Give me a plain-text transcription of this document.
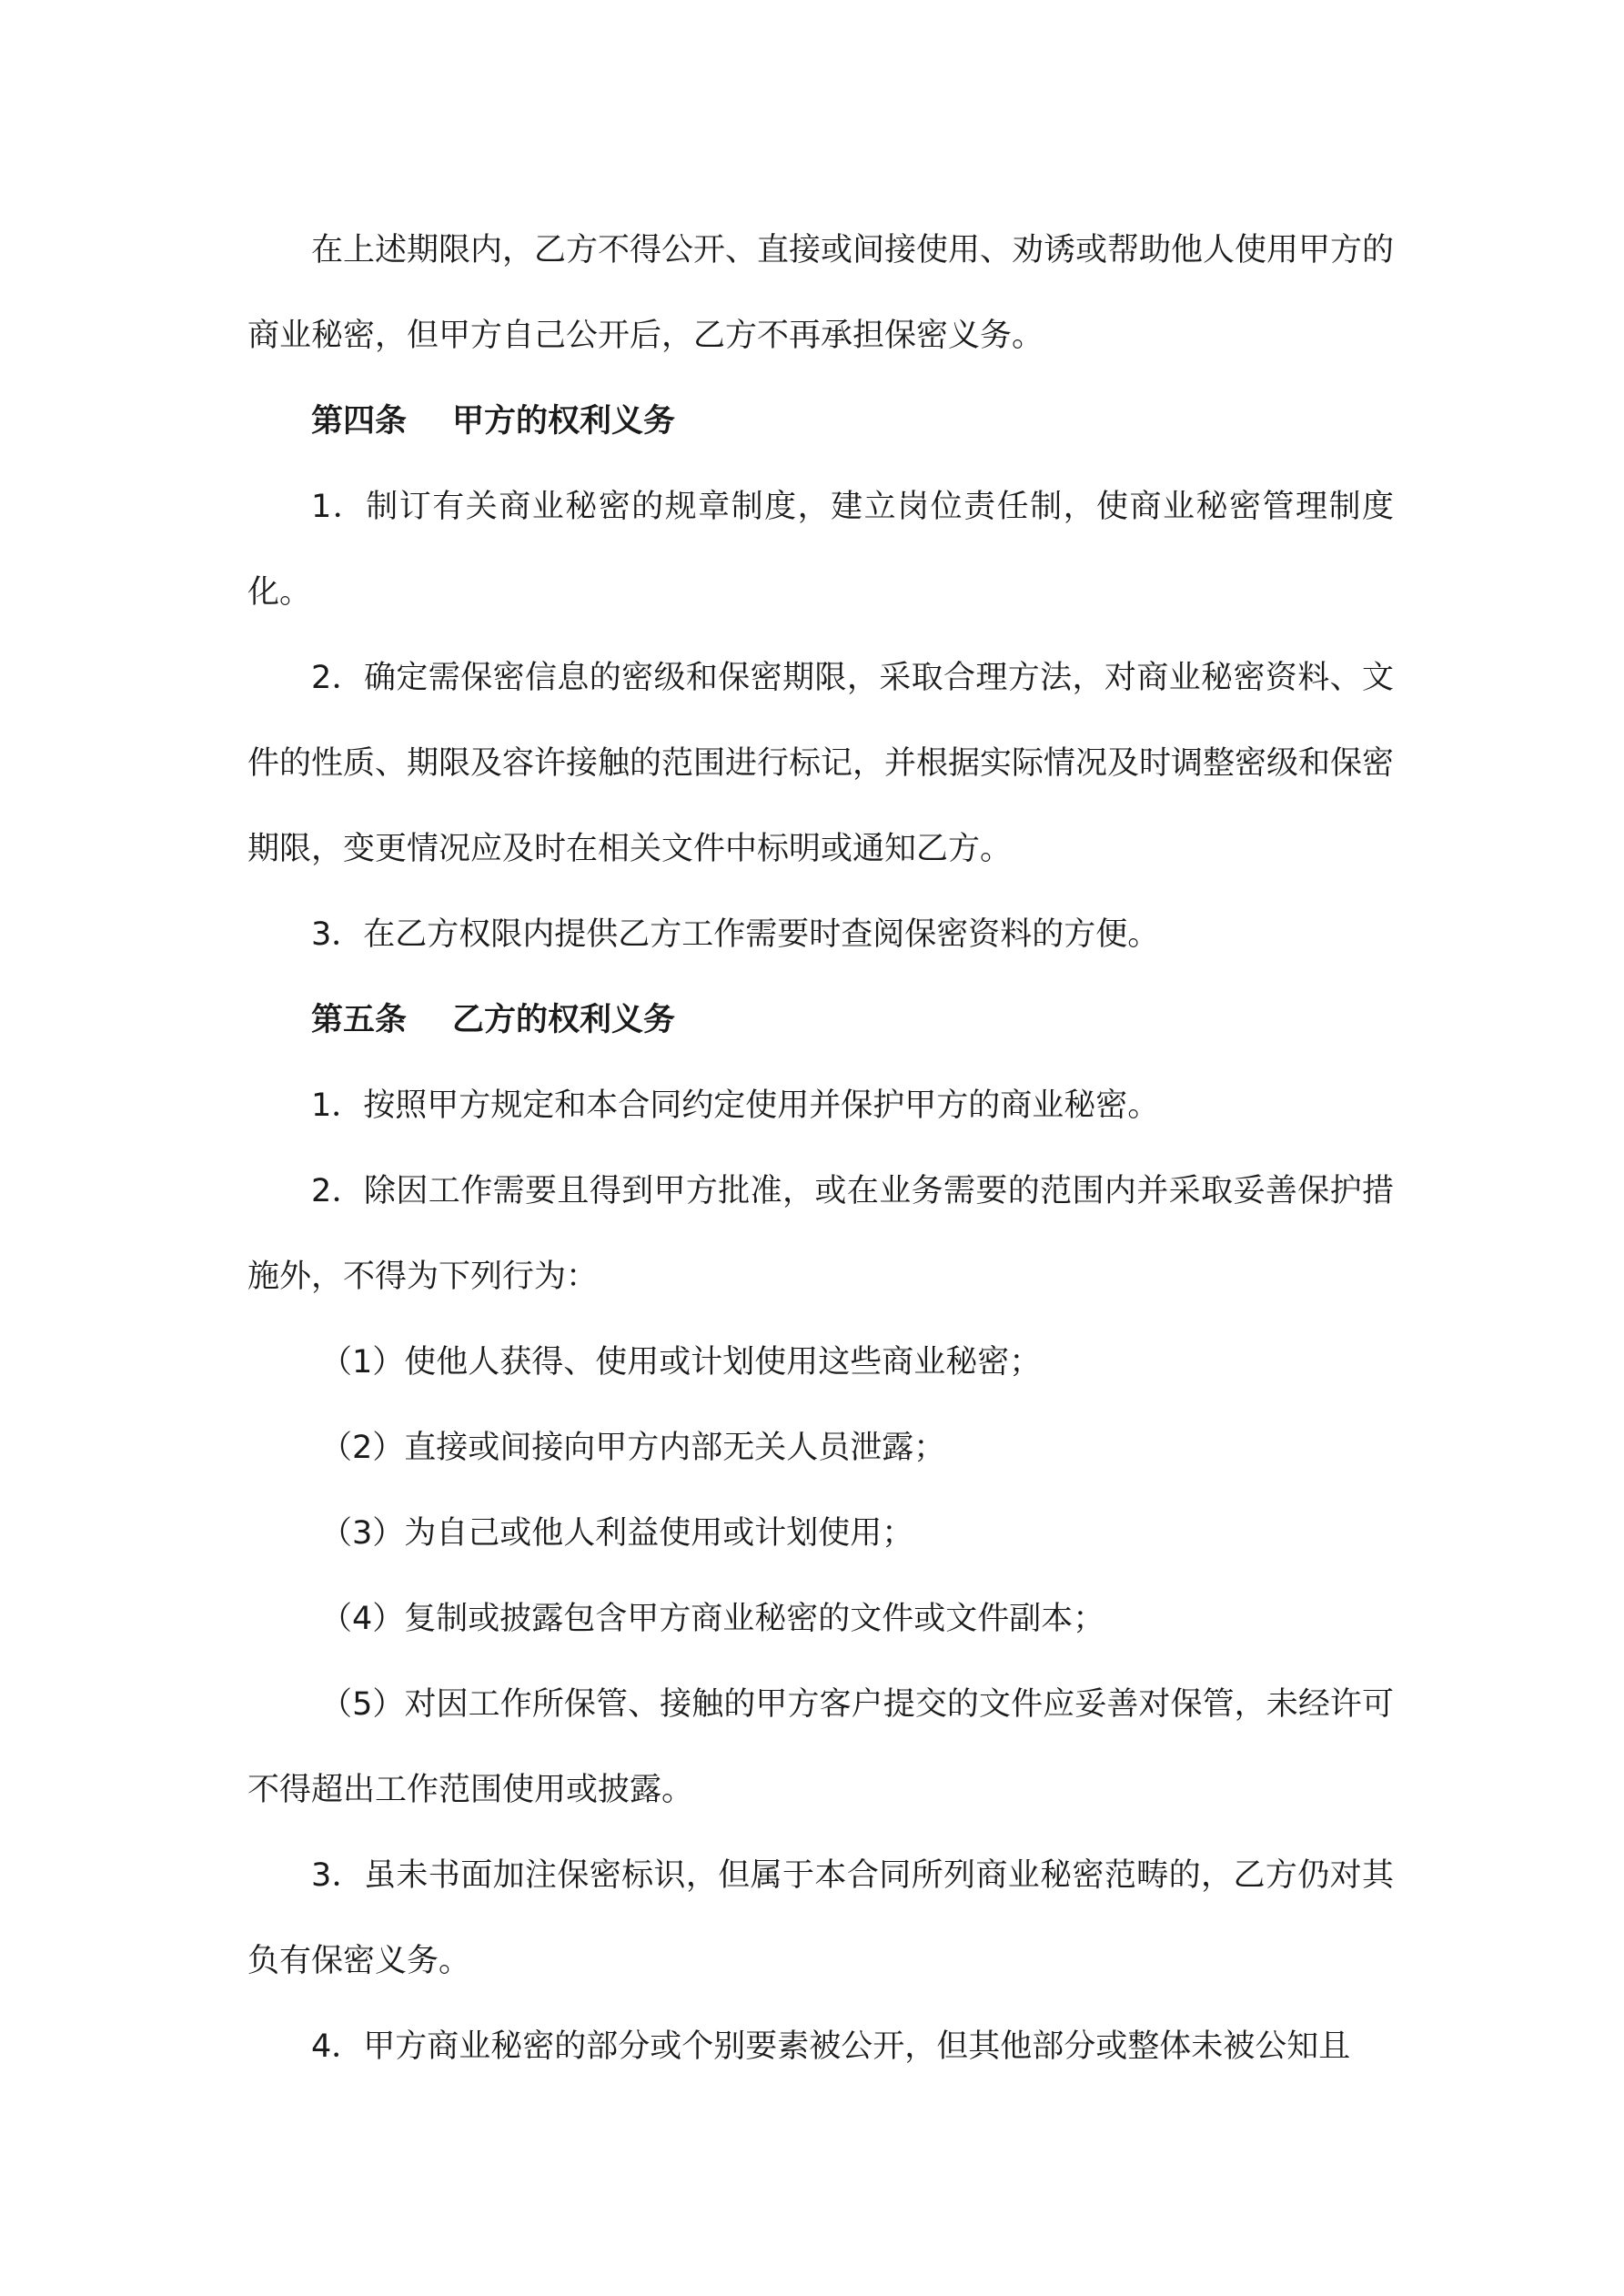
在上述期限内，乙方不得公开、直接或间接使用、劝诱或帮助他人使用甲方的商业秘密，但甲方自己公开后，乙方不再承担保密义务。

第四条 甲方的权利义务

1．制订有关商业秘密的规章制度，建立岗位责任制，使商业秘密管理制度化。

2．确定需保密信息的密级和保密期限，采取合理方法，对商业秘密资料、文件的性质、期限及容许接触的范围进行标记，并根据实际情况及时调整密级和保密期限，变更情况应及时在相关文件中标明或通知乙方。

3．在乙方权限内提供乙方工作需要时查阅保密资料的方便。

第五条 乙方的权利义务

1．按照甲方规定和本合同约定使用并保护甲方的商业秘密。

2．除因工作需要且得到甲方批准，或在业务需要的范围内并采取妥善保护措施外，不得为下列行为：

（1）使他人获得、使用或计划使用这些商业秘密；

（2）直接或间接向甲方内部无关人员泄露；

（3）为自己或他人利益使用或计划使用；

（4）复制或披露包含甲方商业秘密的文件或文件副本；

（5）对因工作所保管、接触的甲方客户提交的文件应妥善对保管，未经许可不得超出工作范围使用或披露。

3．虽未书面加注保密标识，但属于本合同所列商业秘密范畴的，乙方仍对其负有保密义务。

4．甲方商业秘密的部分或个别要素被公开，但其他部分或整体未被公知且
